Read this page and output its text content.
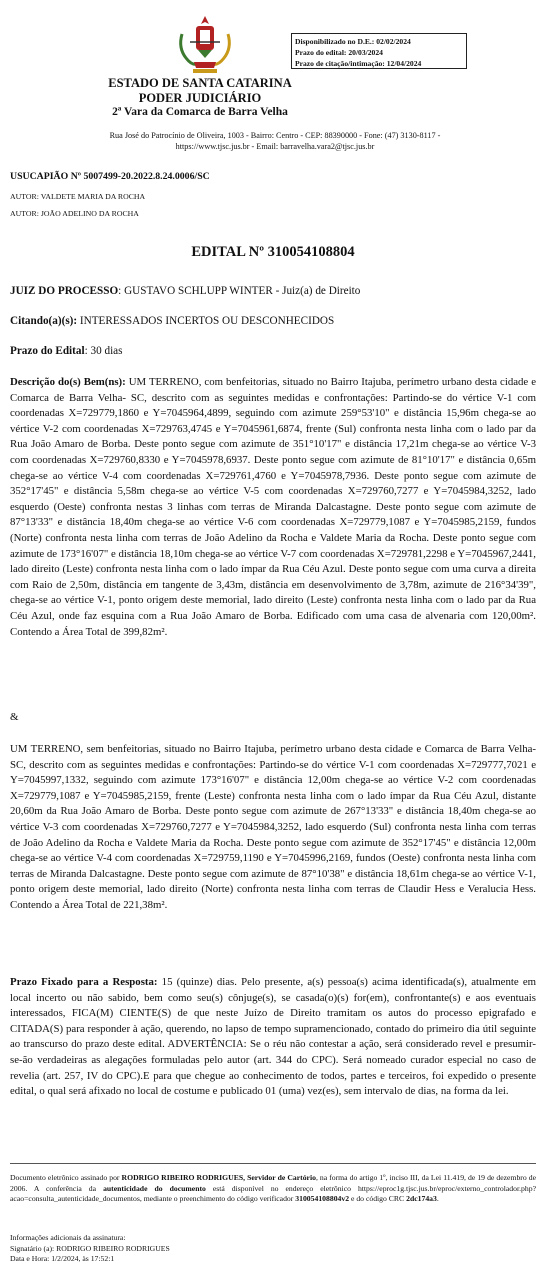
Disponibilizado no D.E.: 02/02/2024
Prazo do edital: 20/03/2024
Prazo de citação/intimação: 12/04/2024
ESTADO DE SANTA CATARINA
PODER JUDICIÁRIO
2ª Vara da Comarca de Barra Velha
Rua José do Patrocínio de Oliveira, 1003 - Bairro: Centro - CEP: 88390000 - Fone: (47) 3130-8117 -
https://www.tjsc.jus.br - Email: barravelha.vara2@tjsc.jus.br
USUCAPIÃO Nº 5007499-20.2022.8.24.0006/SC
AUTOR: VALDETE MARIA DA ROCHA
AUTOR: JOÃO ADELINO DA ROCHA
EDITAL Nº 310054108804
JUIZ DO PROCESSO: GUSTAVO SCHLUPP WINTER - Juiz(a) de Direito
Citando(a)(s): INTERESSADOS INCERTOS OU DESCONHECIDOS
Prazo do Edital: 30 dias
Descrição do(s) Bem(ns): UM TERRENO, com benfeitorias, situado no Bairro Itajuba, perímetro urbano desta cidade e Comarca de Barra Velha- SC, descrito com as seguintes medidas e confrontações: Partindo-se do vértice V-1 com coordenadas X=729779,1860 e Y=7045964,4899, seguindo com azimute 259°53'10" e distância 15,96m chega-se ao vértice V-2 com coordenadas X=729763,4745 e Y=7045961,6874, frente (Sul) confronta nesta linha com o lado par da Rua João Amaro de Borba. Deste ponto segue com azimute de 351°10'17" e distância 17,21m chega-se ao vértice V-3 com coordenadas X=729760,8330 e Y=7045978,6937. Deste ponto segue com azimute de 81°10'17" e distância 0,65m chega-se ao vértice V-4 com coordenadas X=729761,4760 e Y=7045978,7936. Deste ponto segue com azimute de 352°17'45" e distância 5,58m chega-se ao vértice V-5 com coordenadas X=729760,7277 e Y=7045984,3252, lado esquerdo (Oeste) confronta nestas 3 linhas com terras de Miranda Dalcastagne. Deste ponto segue com azimute de 87°13'33" e distância 18,40m chega-se ao vértice V-6 com coordenadas X=729779,1087 e Y=7045985,2159, fundos (Norte) confronta nesta linha com terras de João Adelino da Rocha e Valdete Maria da Rocha. Deste ponto segue com azimute de 173°16'07" e distância 18,10m chega-se ao vértice V-7 com coordenadas X=729781,2298 e Y=7045967,2441, lado direito (Leste) confronta nesta linha com o lado ímpar da Rua Céu Azul. Deste ponto segue com uma curva a direita com Raio de 2,50m, distância em tangente de 3,43m, distância em desenvolvimento de 3,78m, azimute de 216°34'39", chega-se ao vértice V-1, ponto origem deste memorial, lado direito (Leste) confronta nesta linha com o lado par da Rua Céu Azul, onde faz esquina com a Rua João Amaro de Borba. Edificado com uma casa de alvenaria com 120,00m². Contendo a Área Total de 399,82m².
&
UM TERRENO, sem benfeitorias, situado no Bairro Itajuba, perímetro urbano desta cidade e Comarca de Barra Velha- SC, descrito com as seguintes medidas e confrontações: Partindo-se do vértice V-1 com coordenadas X=729777,7021 e Y=7045997,1332, seguindo com azimute 173°16'07" e distância 12,00m chega-se ao vértice V-2 com coordenadas X=729779,1087 e Y=7045985,2159, frente (Leste) confronta nesta linha com o lado ímpar da Rua Céu Azul, distante 20,60m da Rua João Amaro de Borba. Deste ponto segue com azimute de 267°13'33" e distância 18,40m chega-se ao vértice V-3 com coordenadas X=729760,7277 e Y=7045984,3252, lado esquerdo (Sul) confronta nesta linha com terras de João Adelino da Rocha e Valdete Maria da Rocha. Deste ponto segue com azimute de 352°17'45" e distância 12,00m chega-se ao vértice V-4 com coordenadas X=729759,1190 e Y=7045996,2169, fundos (Oeste) confronta nesta linha com terras de Miranda Dalcastagne. Deste ponto segue com azimute de 87°10'38" e distância 18,61m chega-se ao vértice V-1, ponto origem deste memorial, lado direito (Norte) confronta nesta linha com terras de Claudir Hess e Veralucia Hess. Contendo a Área Total de 221,38m².
Prazo Fixado para a Resposta: 15 (quinze) dias. Pelo presente, a(s) pessoa(s) acima identificada(s), atualmente em local incerto ou não sabido, bem como seu(s) cônjuge(s), se casada(o)(s) for(em), confrontante(s) e aos eventuais interessados, FICA(M) CIENTE(S) de que neste Juízo de Direito tramitam os autos do processo epigrafado e CITADA(S) para responder à ação, querendo, no lapso de tempo supramencionado, contado do primeiro dia útil seguinte ao transcurso do prazo deste edital. ADVERTÊNCIA: Se o réu não contestar a ação, será considerado revel e presumir-se-ão verdadeiras as alegações formuladas pelo autor (art. 344 do CPC). Será nomeado curador especial no caso de revelia (art. 257, IV do CPC).E para que chegue ao conhecimento de todos, partes e terceiros, foi expedido o presente edital, o qual será afixado no local de costume e publicado 01 (uma) vez(es), sem intervalo de dias, na forma da lei.
Documento eletrônico assinado por RODRIGO RIBEIRO RODRIGUES, Servidor de Cartório, na forma do artigo 1º, inciso III, da Lei 11.419, de 19 de dezembro de 2006. A conferência da autenticidade do documento está disponível no endereço eletrônico https://eproc1g.tjsc.jus.br/eproc/externo_controlador.php?acao=consulta_autenticidade_documentos, mediante o preenchimento do código verificador 310054108804v2 e do código CRC 2dc174a3.
Informações adicionais da assinatura:
Signatário (a): RODRIGO RIBEIRO RODRIGUES
Data e Hora: 1/2/2024, às 17:52:1
